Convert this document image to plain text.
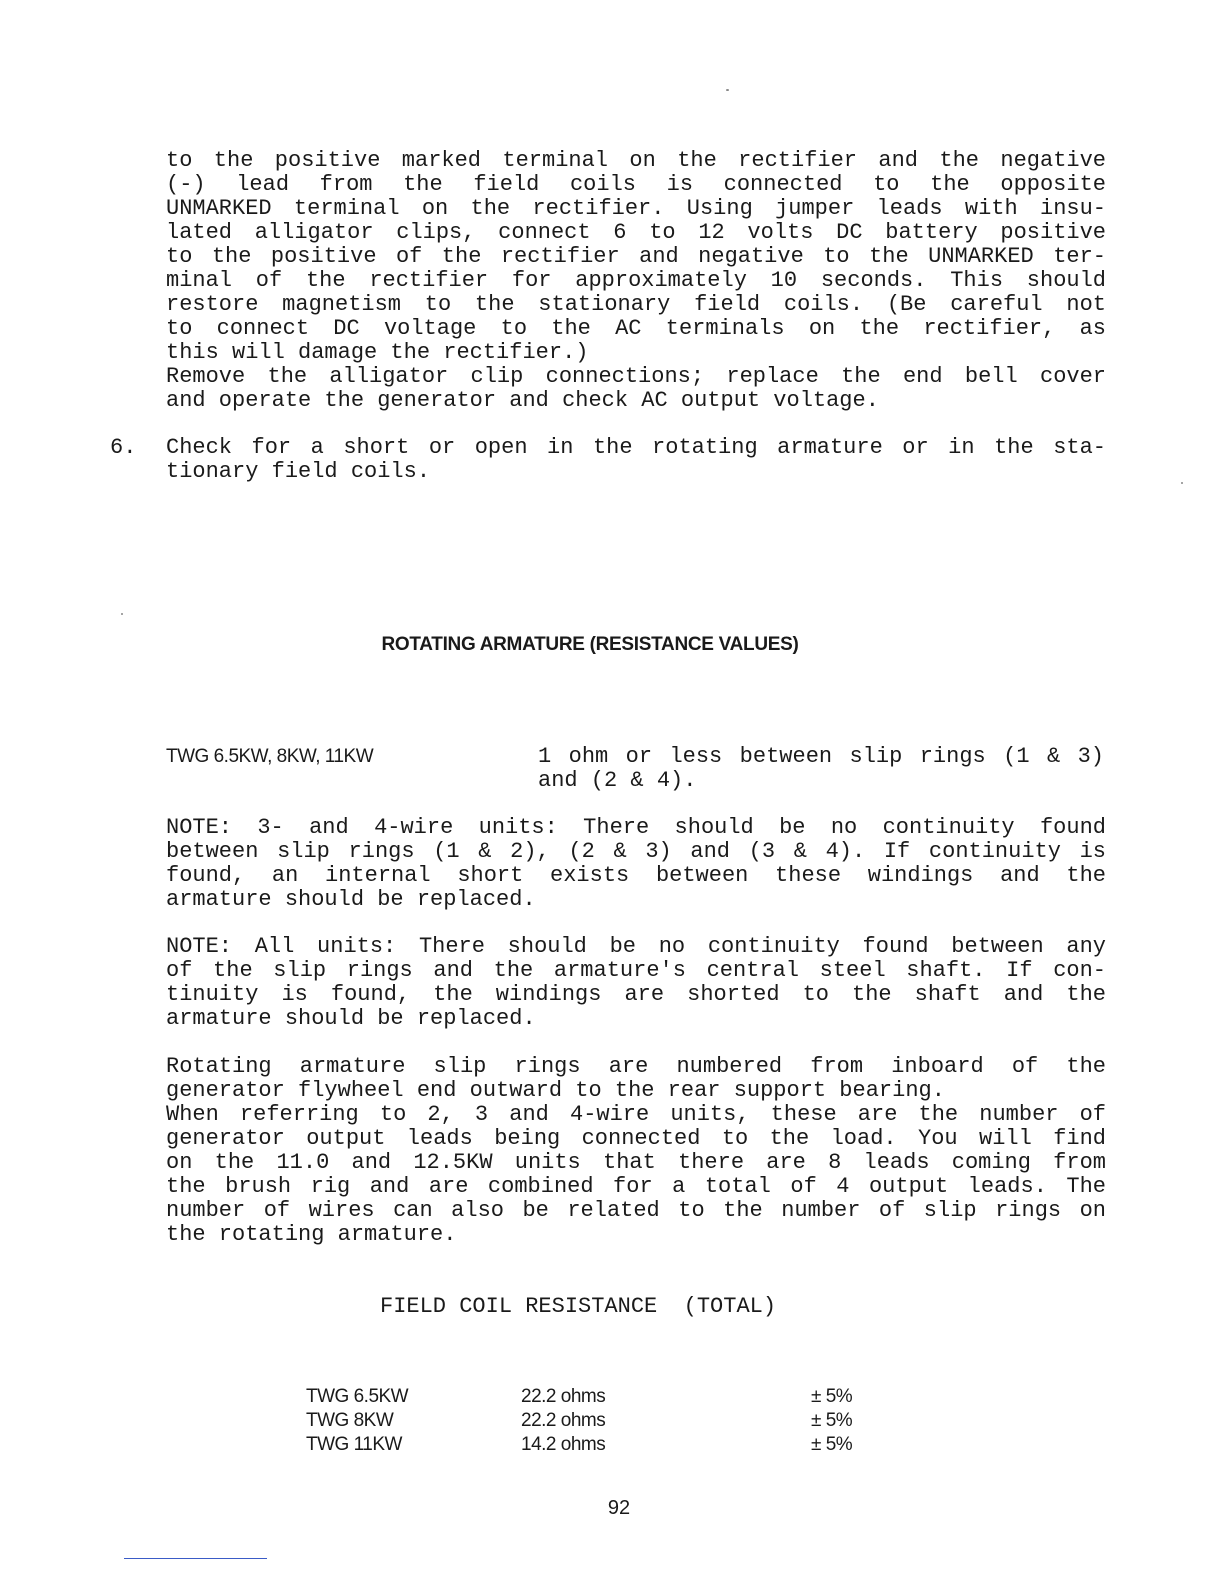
to the positive marked terminal on the rectifier and the negative
(-) lead from the field coils is connected to the opposite
UNMARKED terminal on the rectifier. Using jumper leads with insu-
lated alligator clips, connect 6 to 12 volts DC battery positive
to the positive of the rectifier and negative to the UNMARKED ter-
minal of the rectifier for approximately 10 seconds. This should
restore magnetism to the stationary field coils. (Be careful not
to connect DC voltage to the AC terminals on the rectifier, as
this will damage the rectifier.)
Remove the alligator clip connections; replace the end bell cover
and operate the generator and check AC output voltage.
6. Check for a short or open in the rotating armature or in the sta-
tionary field coils.
ROTATING ARMATURE (RESISTANCE VALUES)
TWG 6.5KW, 8KW, 11KW	1 ohm or less between slip rings (1 & 3)
and (2 & 4).
NOTE: 3- and 4-wire units: There should be no continuity found
between slip rings (1 & 2), (2 & 3) and (3 & 4). If continuity is
found, an internal short exists between these windings and the
armature should be replaced.
NOTE: All units: There should be no continuity found between any
of the slip rings and the armature's central steel shaft. If con-
tinuity is found, the windings are shorted to the shaft and the
armature should be replaced.
Rotating armature slip rings are numbered from inboard of the
generator flywheel end outward to the rear support bearing.
When referring to 2, 3 and 4-wire units, these are the number of
generator output leads being connected to the load. You will find
on the 11.0 and 12.5KW units that there are 8 leads coming from
the brush rig and are combined for a total of 4 output leads. The
number of wires can also be related to the number of slip rings on
the rotating armature.
FIELD COIL RESISTANCE  (TOTAL)
TWG 6.5KW	22.2 ohms	± 5%
TWG 8KW	22.2 ohms	± 5%
TWG 11KW	14.2 ohms	± 5%
92
